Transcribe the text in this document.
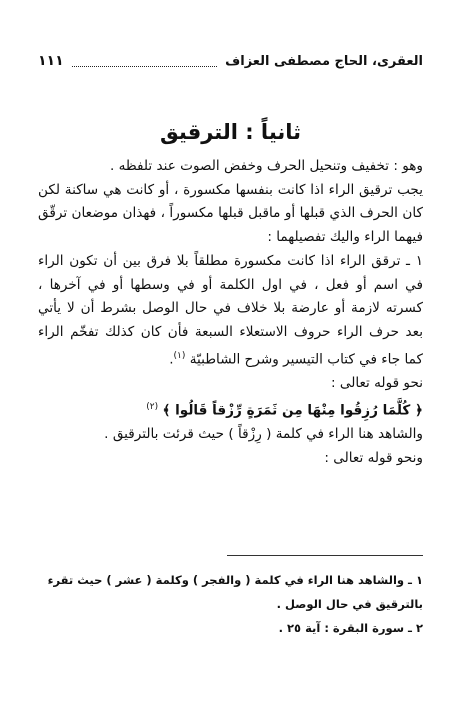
العقرى، الحاج مصطفى العزاف
١١١
ثانياً : الترقيق

وهو : تخفيف وتنحيل الحرف وخفض الصوت عند تلفظه .

يجب ترقيق الراء اذا كانت بنفسها مكسورة ، أو كانت هي ساكنة لكن كان الحرف الذي قبلها أو ماقبل قبلها مكسوراً ، فهذان موضعان ترقّق فيهما الراء واليك تفصيلهما :

١ ـ ترقق الراء اذا كانت مكسورة مطلقاً بلا فرق بين أن تكون الراء في اسم أو فعل ، في اول الكلمة أو في وسطها أو في آخرها ، كسرته لازمة أو عارضة بلا خلاف في حال الوصل بشرط أن لا يأتي بعد حرف الراء حروف الاستعلاء السبعة فأن كان كذلك تفخّم الراء كما جاء في كتاب التيسير وشرح الشاطبيّة $^{(١)}$.

نحو قوله تعالى :

﴿ كُلَّمَا رُزِقُوا مِنْهَا مِن ثَمَرَةٍ رِّزْقاً قَالُوا ﴾ $^{(٢)}$

والشاهد هنا الراء في كلمة ( رِزْقاً ) حيث قرئت بالترقيق .

ونحو قوله تعالى :

١ ـ والشاهد هنا الراء في كلمة ( والفجر ) وكلمة ( عشر ) حيث تقرء بالترقيق في حال الوصل .

٢ ـ سورة البقرة : آية ٢٥ .
